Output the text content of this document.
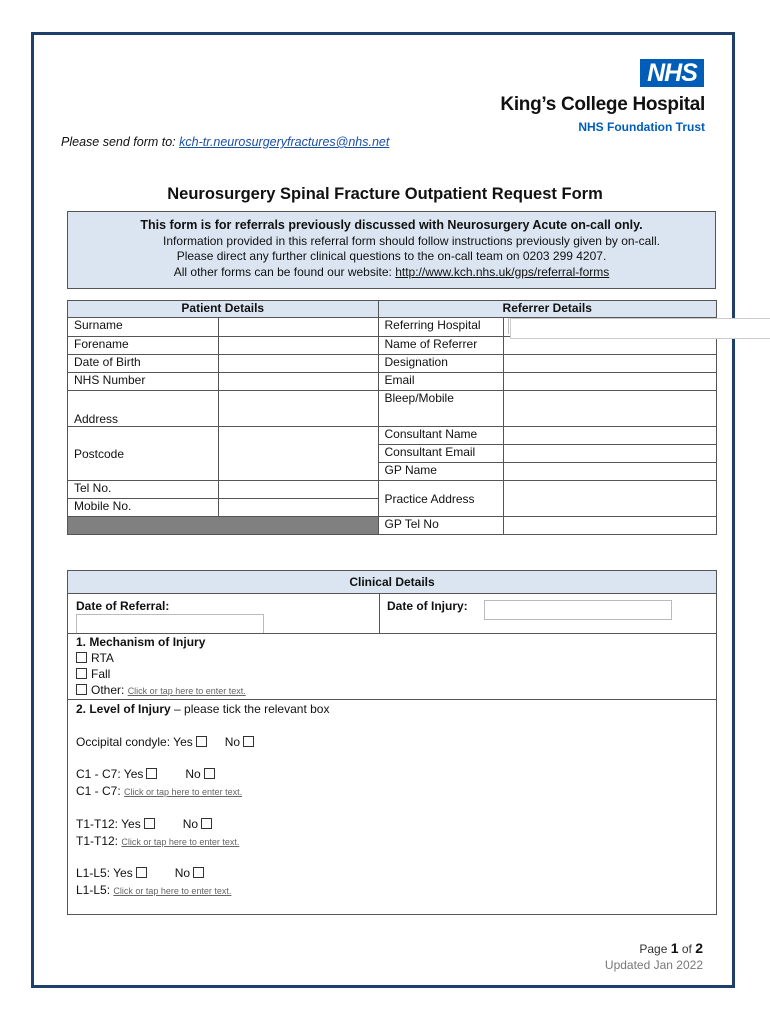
NHS
King’s College Hospital
NHS Foundation Trust
Please send form to: kch-tr.neurosurgeryfractures@nhs.net
Neurosurgery Spinal Fracture Outpatient Request Form
This form is for referrals previously discussed with Neurosurgery Acute on-call only.
Information provided in this referral form should follow instructions previously given by on-call.
Please direct any further clinical questions to the on-call team on 0203 299 4207.
All other forms can be found our website: http://www.kch.nhs.uk/gps/referral-forms
Patient Details		Referrer Details	
Surname		Referring Hospital	

Forename		Name of Referrer	
Date of Birth		Designation	
NHS Number		Email	
Address		Bleep/Mobile	
Postcode		Consultant Name	
		Consultant Email	
		GP Name	
Tel No.		Practice Address	
Mobile No.			
		GP Tel No	
Clinical Details
Date of Referral:	Date of Injury:
1. Mechanism of Injury
RTA
Fall
Other: Click or tap here to enter text.
2. Level of Injury – please tick the relevant box
Occipital condyle: Yes	No
C1 - C7: Yes	No
C1 - C7: Click or tap here to enter text.
T1-T12: Yes	No
T1-T12: Click or tap here to enter text.
L1-L5: Yes	No
L1-L5: Click or tap here to enter text.
Page 1 of 2
Updated Jan 2022
